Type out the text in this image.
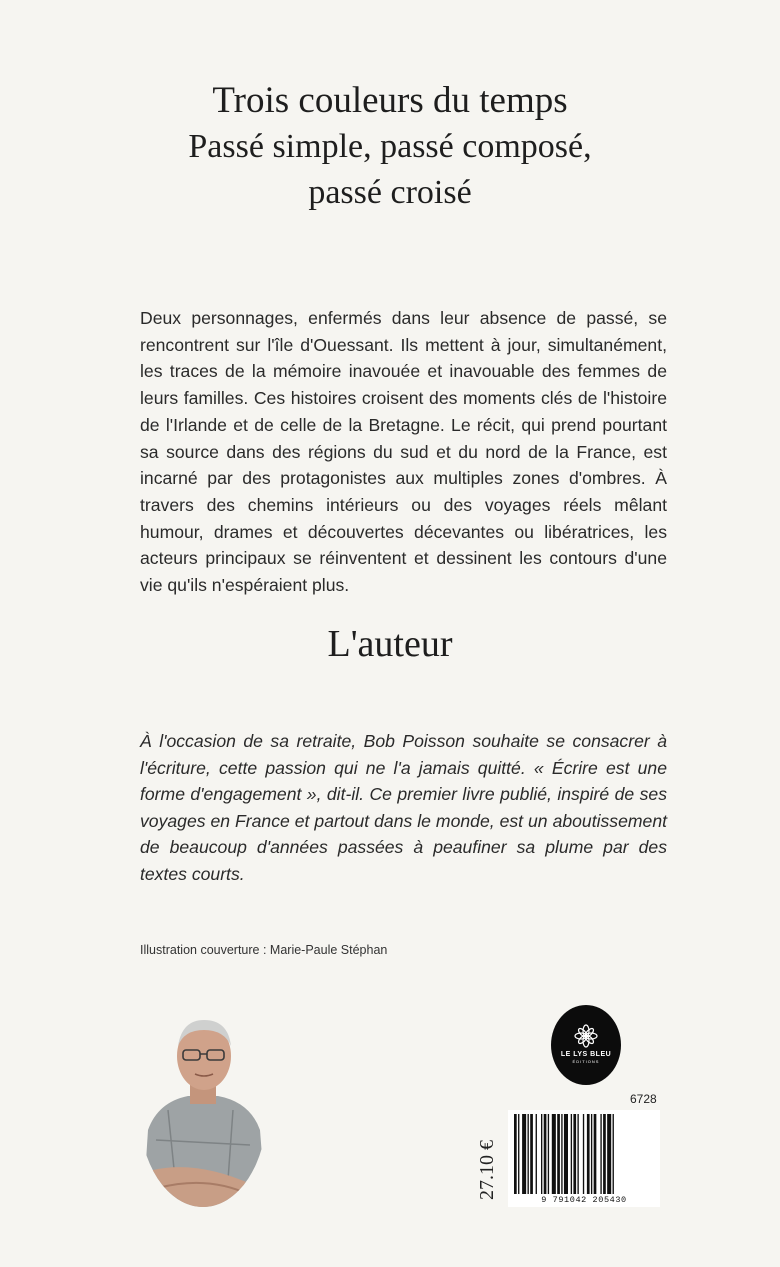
Trois couleurs du temps
Passé simple, passé composé,
passé croisé
Deux personnages, enfermés dans leur absence de passé, se rencontrent sur l'île d'Ouessant. Ils mettent à jour, simultanément, les traces de la mémoire inavouée et inavouable des femmes de leurs familles. Ces histoires croisent des moments clés de l'histoire de l'Irlande et de celle de la Bretagne. Le récit, qui prend pourtant sa source dans des régions du sud et du nord de la France, est incarné par des protagonistes aux multiples zones d'ombres. À travers des chemins intérieurs ou des voyages réels mêlant humour, drames et découvertes décevantes ou libératrices, les acteurs principaux se réinventent et dessinent les contours d'une vie qu'ils n'espéraient plus.
L'auteur
À l'occasion de sa retraite, Bob Poisson souhaite se consacrer à l'écriture, cette passion qui ne l'a jamais quitté. « Écrire est une forme d'engagement », dit-il. Ce premier livre publié, inspiré de ses voyages en France et partout dans le monde, est un aboutissement de beaucoup d'années passées à peaufiner sa plume par des textes courts.
Illustration couverture : Marie-Paule Stéphan
LE LYS BLEU
ÉDITIONS
6728
9 791042 205430
27.10 €
